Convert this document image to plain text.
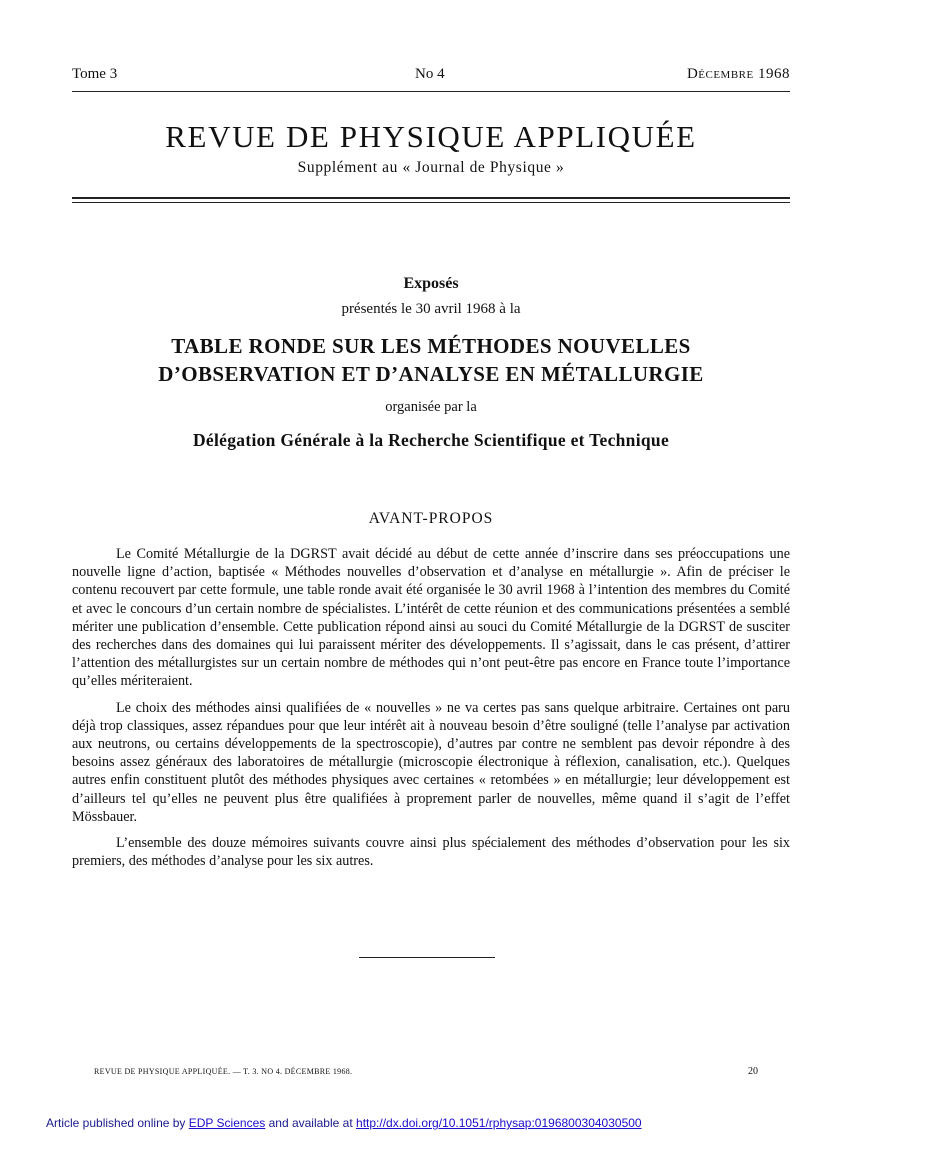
Tome 3	No 4	Décembre 1968
REVUE DE PHYSIQUE APPLIQUÉE
Supplément au « Journal de Physique »
Exposés
présentés le 30 avril 1968 à la
TABLE RONDE SUR LES MÉTHODES NOUVELLES
D’OBSERVATION ET D’ANALYSE EN MÉTALLURGIE
organisée par la
Délégation Générale à la Recherche Scientifique et Technique
AVANT-PROPOS

Le Comité Métallurgie de la DGRST avait décidé au début de cette année d’inscrire dans ses préoccupations une nouvelle ligne d’action, baptisée « Méthodes nouvelles d’observation et d’analyse en métallurgie ». Afin de préciser le contenu recouvert par cette formule, une table ronde avait été organisée le 30 avril 1968 à l’intention des membres du Comité et avec le concours d’un certain nombre de spécialistes. L’intérêt de cette réunion et des communications présentées a semblé mériter une publication d’ensemble. Cette publication répond ainsi au souci du Comité Métallurgie de la DGRST de susciter des recherches dans des domaines qui lui paraissent mériter des développements. Il s’agissait, dans le cas présent, d’attirer l’attention des métallurgistes sur un certain nombre de méthodes qui n’ont peut-être pas encore en France toute l’importance qu’elles mériteraient.

Le choix des méthodes ainsi qualifiées de « nouvelles » ne va certes pas sans quelque arbitraire. Certaines ont paru déjà trop classiques, assez répandues pour que leur intérêt ait à nouveau besoin d’être souligné (telle l’analyse par activation aux neutrons, ou certains développements de la spectroscopie), d’autres par contre ne semblent pas devoir répondre à des besoins assez généraux des laboratoires de métallurgie (microscopie électronique à réflexion, canalisation, etc.). Quelques autres enfin constituent plutôt des méthodes physiques avec certaines « retombées » en métallurgie; leur développement est d’ailleurs tel qu’elles ne peuvent plus être qualifiées à proprement parler de nouvelles, même quand il s’agit de l’effet Mössbauer.

L’ensemble des douze mémoires suivants couvre ainsi plus spécialement des méthodes d’observation pour les six premiers, des méthodes d’analyse pour les six autres.

REVUE DE PHYSIQUE APPLIQUÉE. — T. 3. NO 4. DÉCEMBRE 1968.	20
Article published online by EDP Sciences and available at http://dx.doi.org/10.1051/rphysap:0196800304030500
